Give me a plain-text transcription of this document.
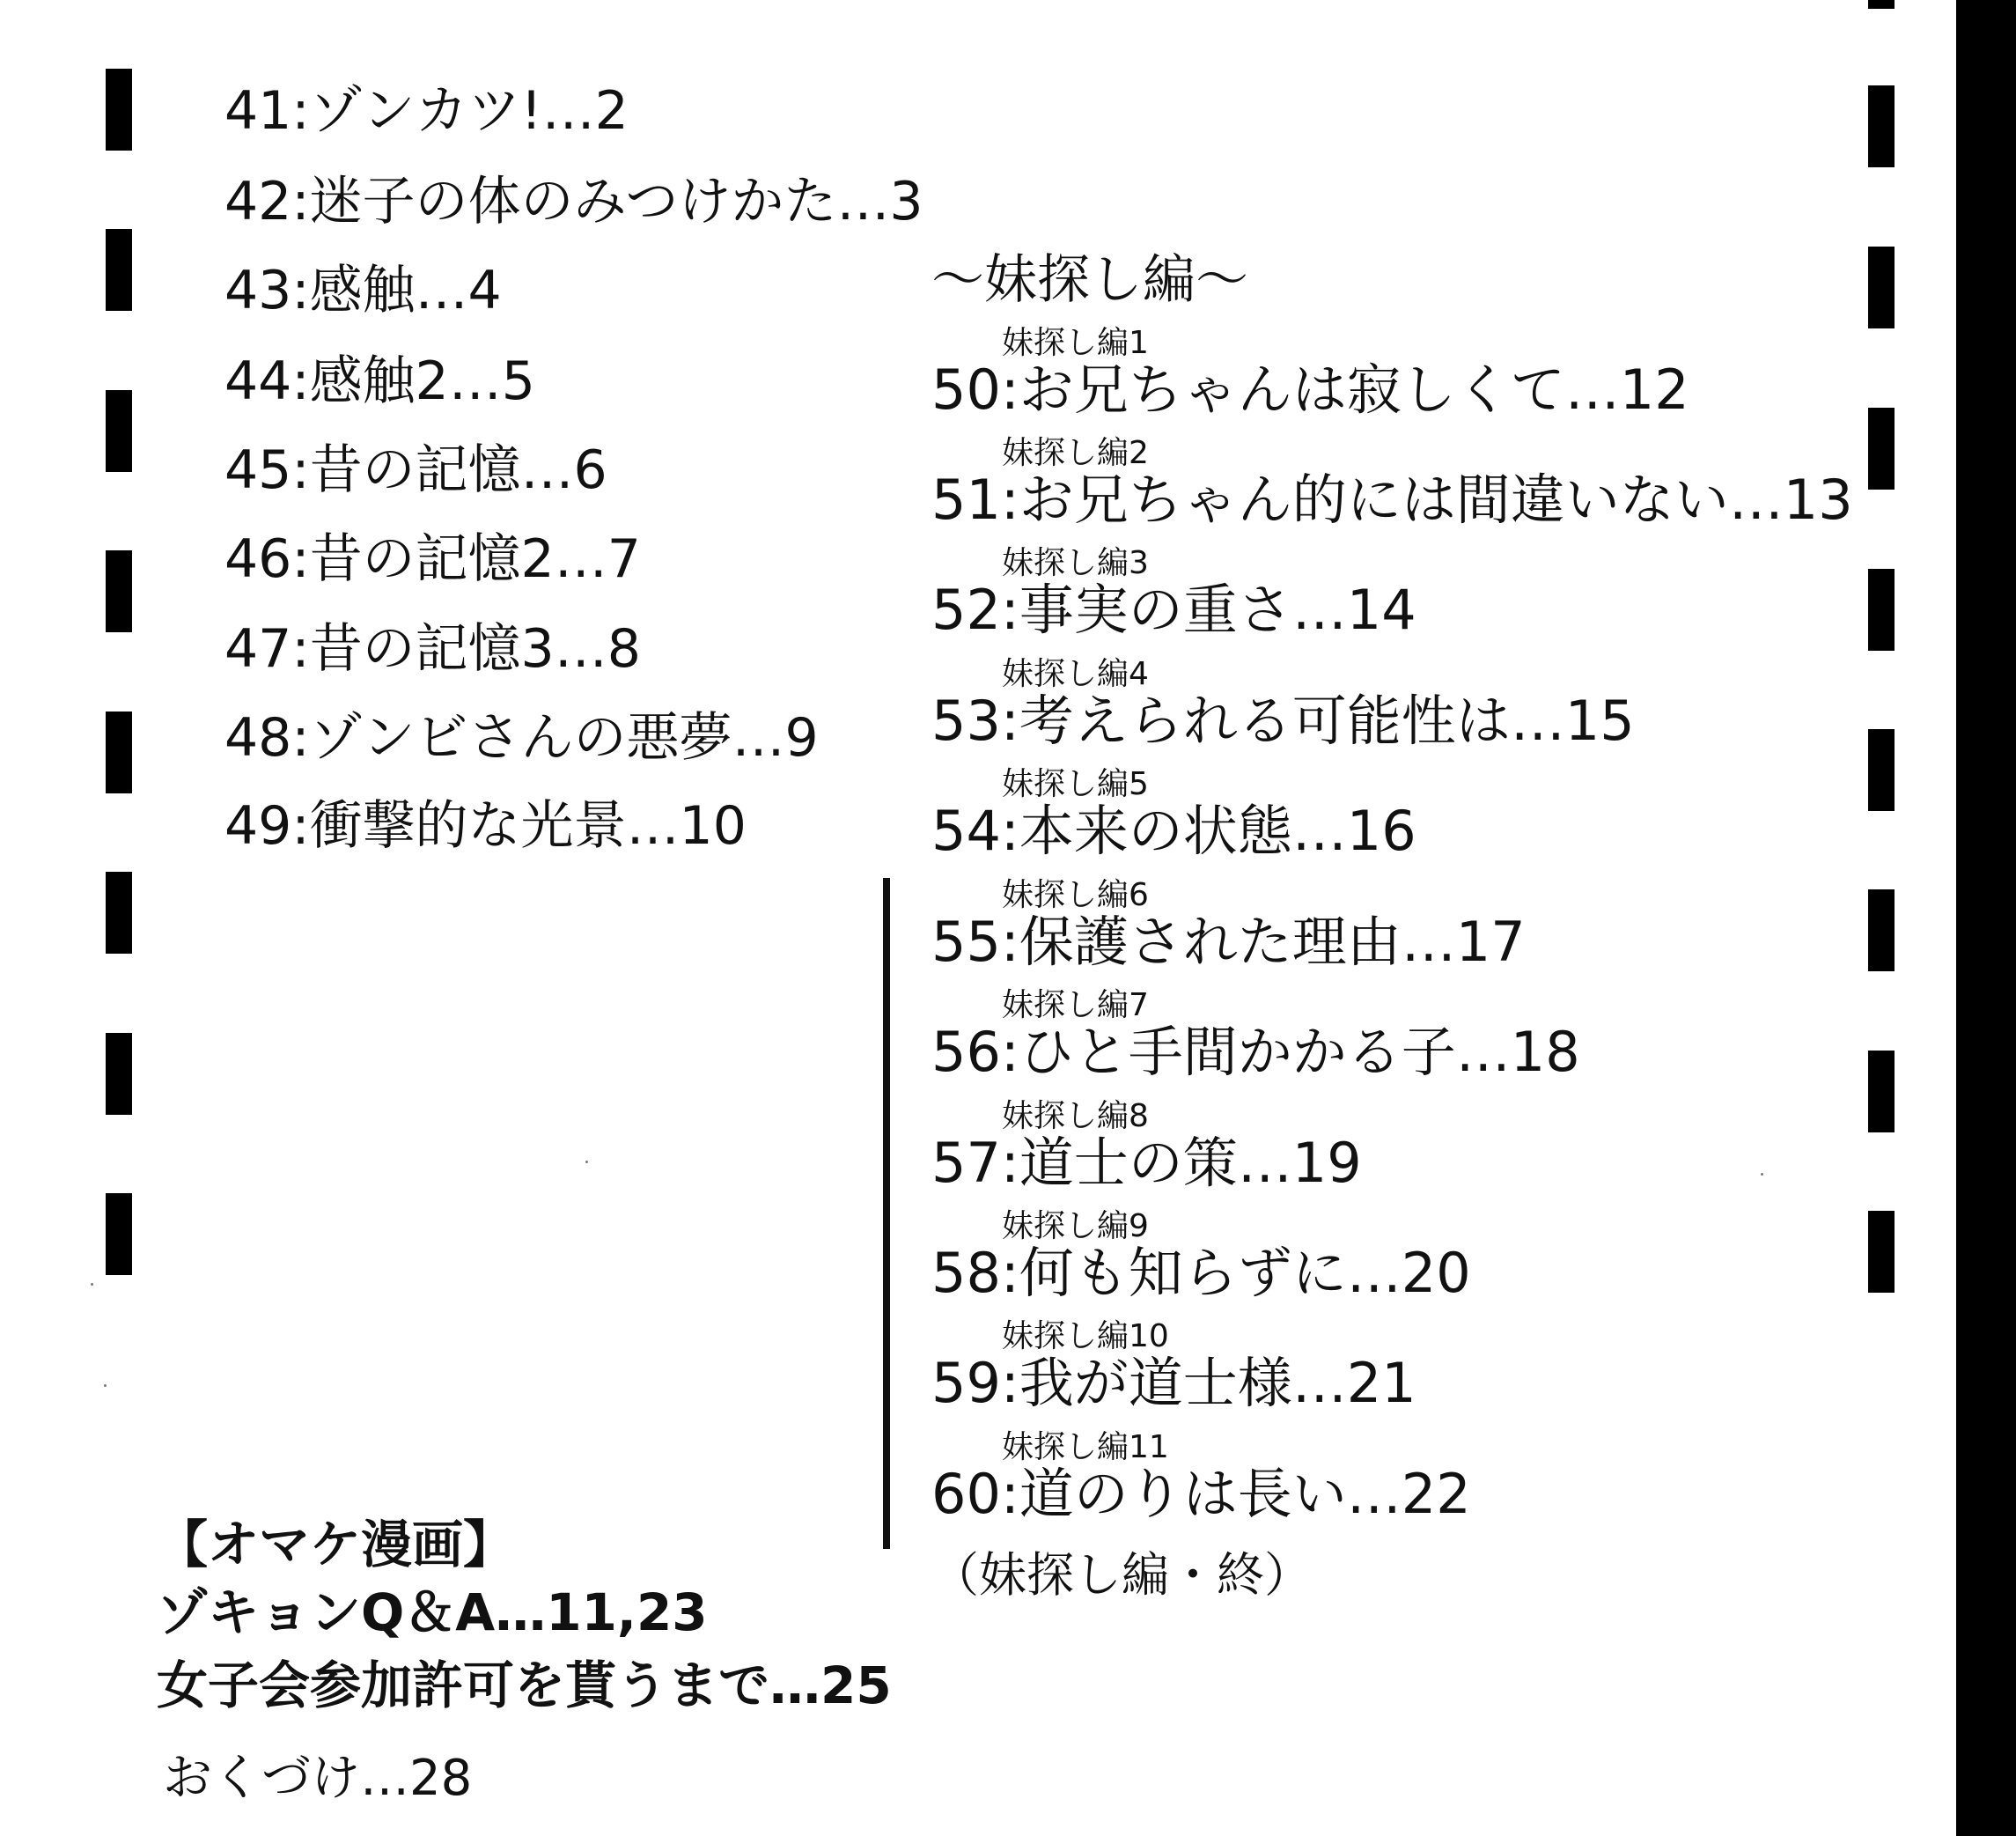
41:ゾンカツ!…2
42:迷子の体のみつけかた…3
43:感触…4
44:感触2…5
45:昔の記憶…6
46:昔の記憶2…7
47:昔の記憶3…8
48:ゾンビさんの悪夢…9
49:衝撃的な光景…10
〜妹探し編〜
妹探し編1
50:お兄ちゃんは寂しくて…12
妹探し編2
51:お兄ちゃん的には間違いない…13
妹探し編3
52:事実の重さ…14
妹探し編4
53:考えられる可能性は…15
妹探し編5
54:本来の状態…16
妹探し編6
55:保護された理由…17
妹探し編7
56:ひと手間かかる子…18
妹探し編8
57:道士の策…19
妹探し編9
58:何も知らずに…20
妹探し編10
59:我が道士様…21
妹探し編11
60:道のりは長い…22
（妹探し編・終）
【オマケ漫画】
ゾキョンQ＆A…11,23
女子会参加許可を貰うまで…25
おくづけ…28
